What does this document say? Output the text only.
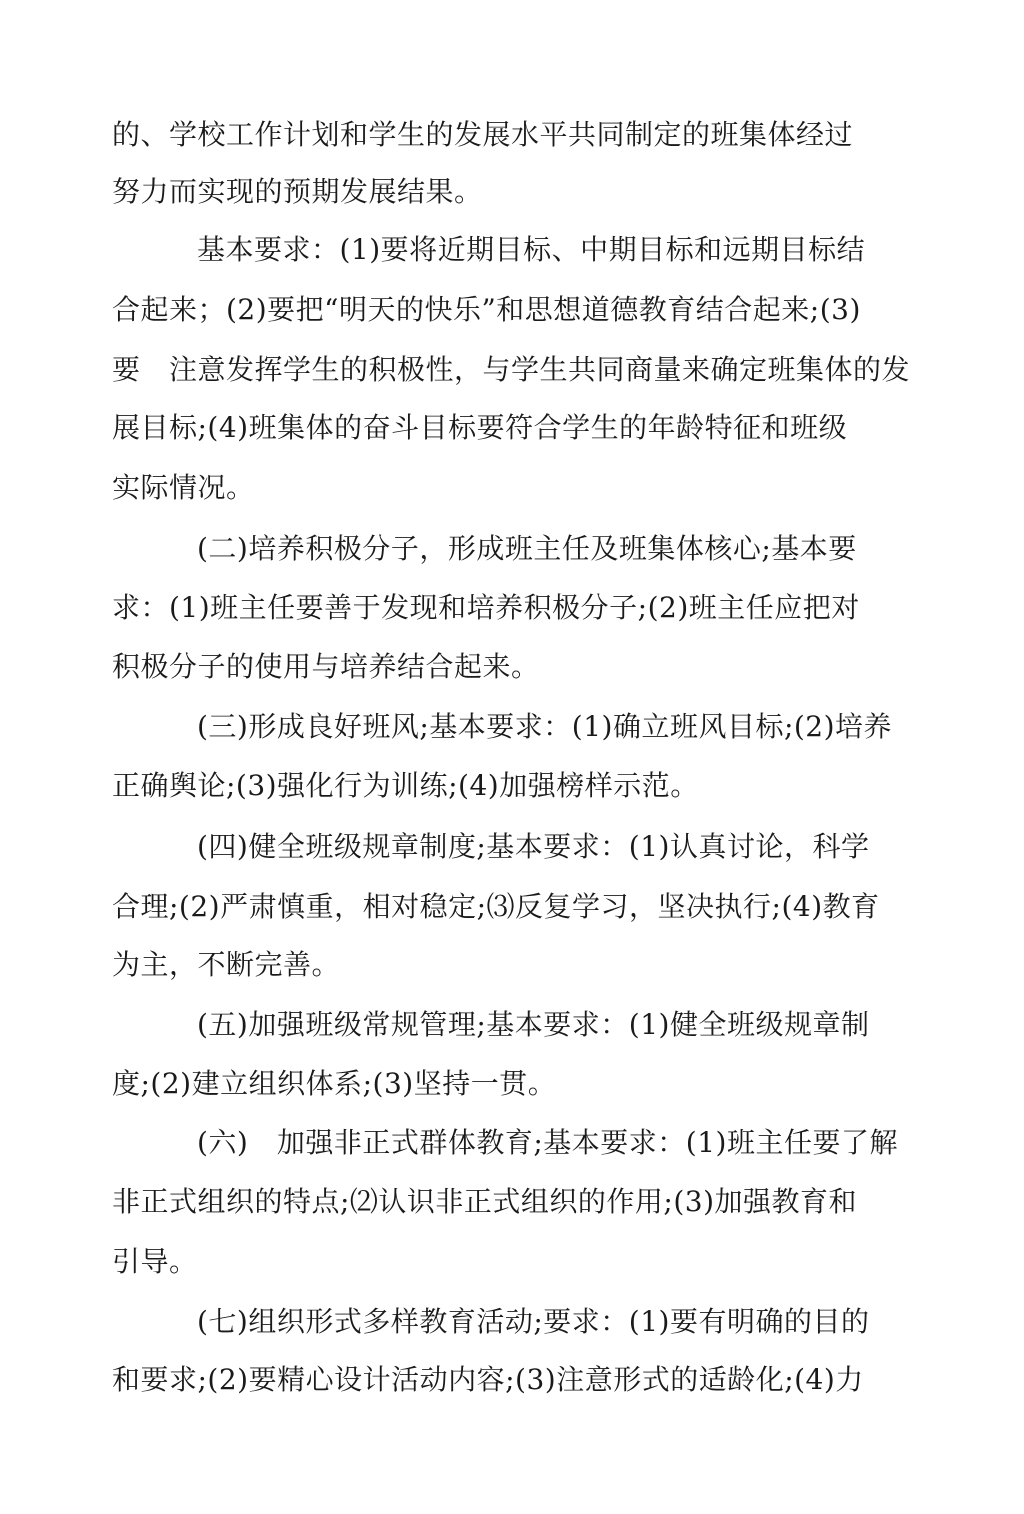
的、学校工作计划和学生的发展水平共同制定的班集体经过
努力而实现的预期发展结果。
基本要求：(1)要将近期目标、中期目标和远期目标结
合起来；(2)要把“明天的快乐”和思想道德教育结合起来;(3)
要　注意发挥学生的积极性，与学生共同商量来确定班集体的发
展目标;(4)班集体的奋斗目标要符合学生的年龄特征和班级
实际情况。
(二)培养积极分子，形成班主任及班集体核心;基本要
求：(1)班主任要善于发现和培养积极分子;(2)班主任应把对
积极分子的使用与培养结合起来。
(三)形成良好班风;基本要求：(1)确立班风目标;(2)培养
正确舆论;(3)强化行为训练;(4)加强榜样示范。
(四)健全班级规章制度;基本要求：(1)认真讨论，科学
合理;(2)严肃慎重，相对稳定;⑶反复学习，坚决执行;(4)教育
为主，不断完善。
(五)加强班级常规管理;基本要求：(1)健全班级规章制
度;(2)建立组织体系;(3)坚持一贯。
(六)　加强非正式群体教育;基本要求：(1)班主任要了解
非正式组织的特点;⑵认识非正式组织的作用;(3)加强教育和
引导。
(七)组织形式多样教育活动;要求：(1)要有明确的目的
和要求;(2)要精心设计活动内容;(3)注意形式的适龄化;(4)力
